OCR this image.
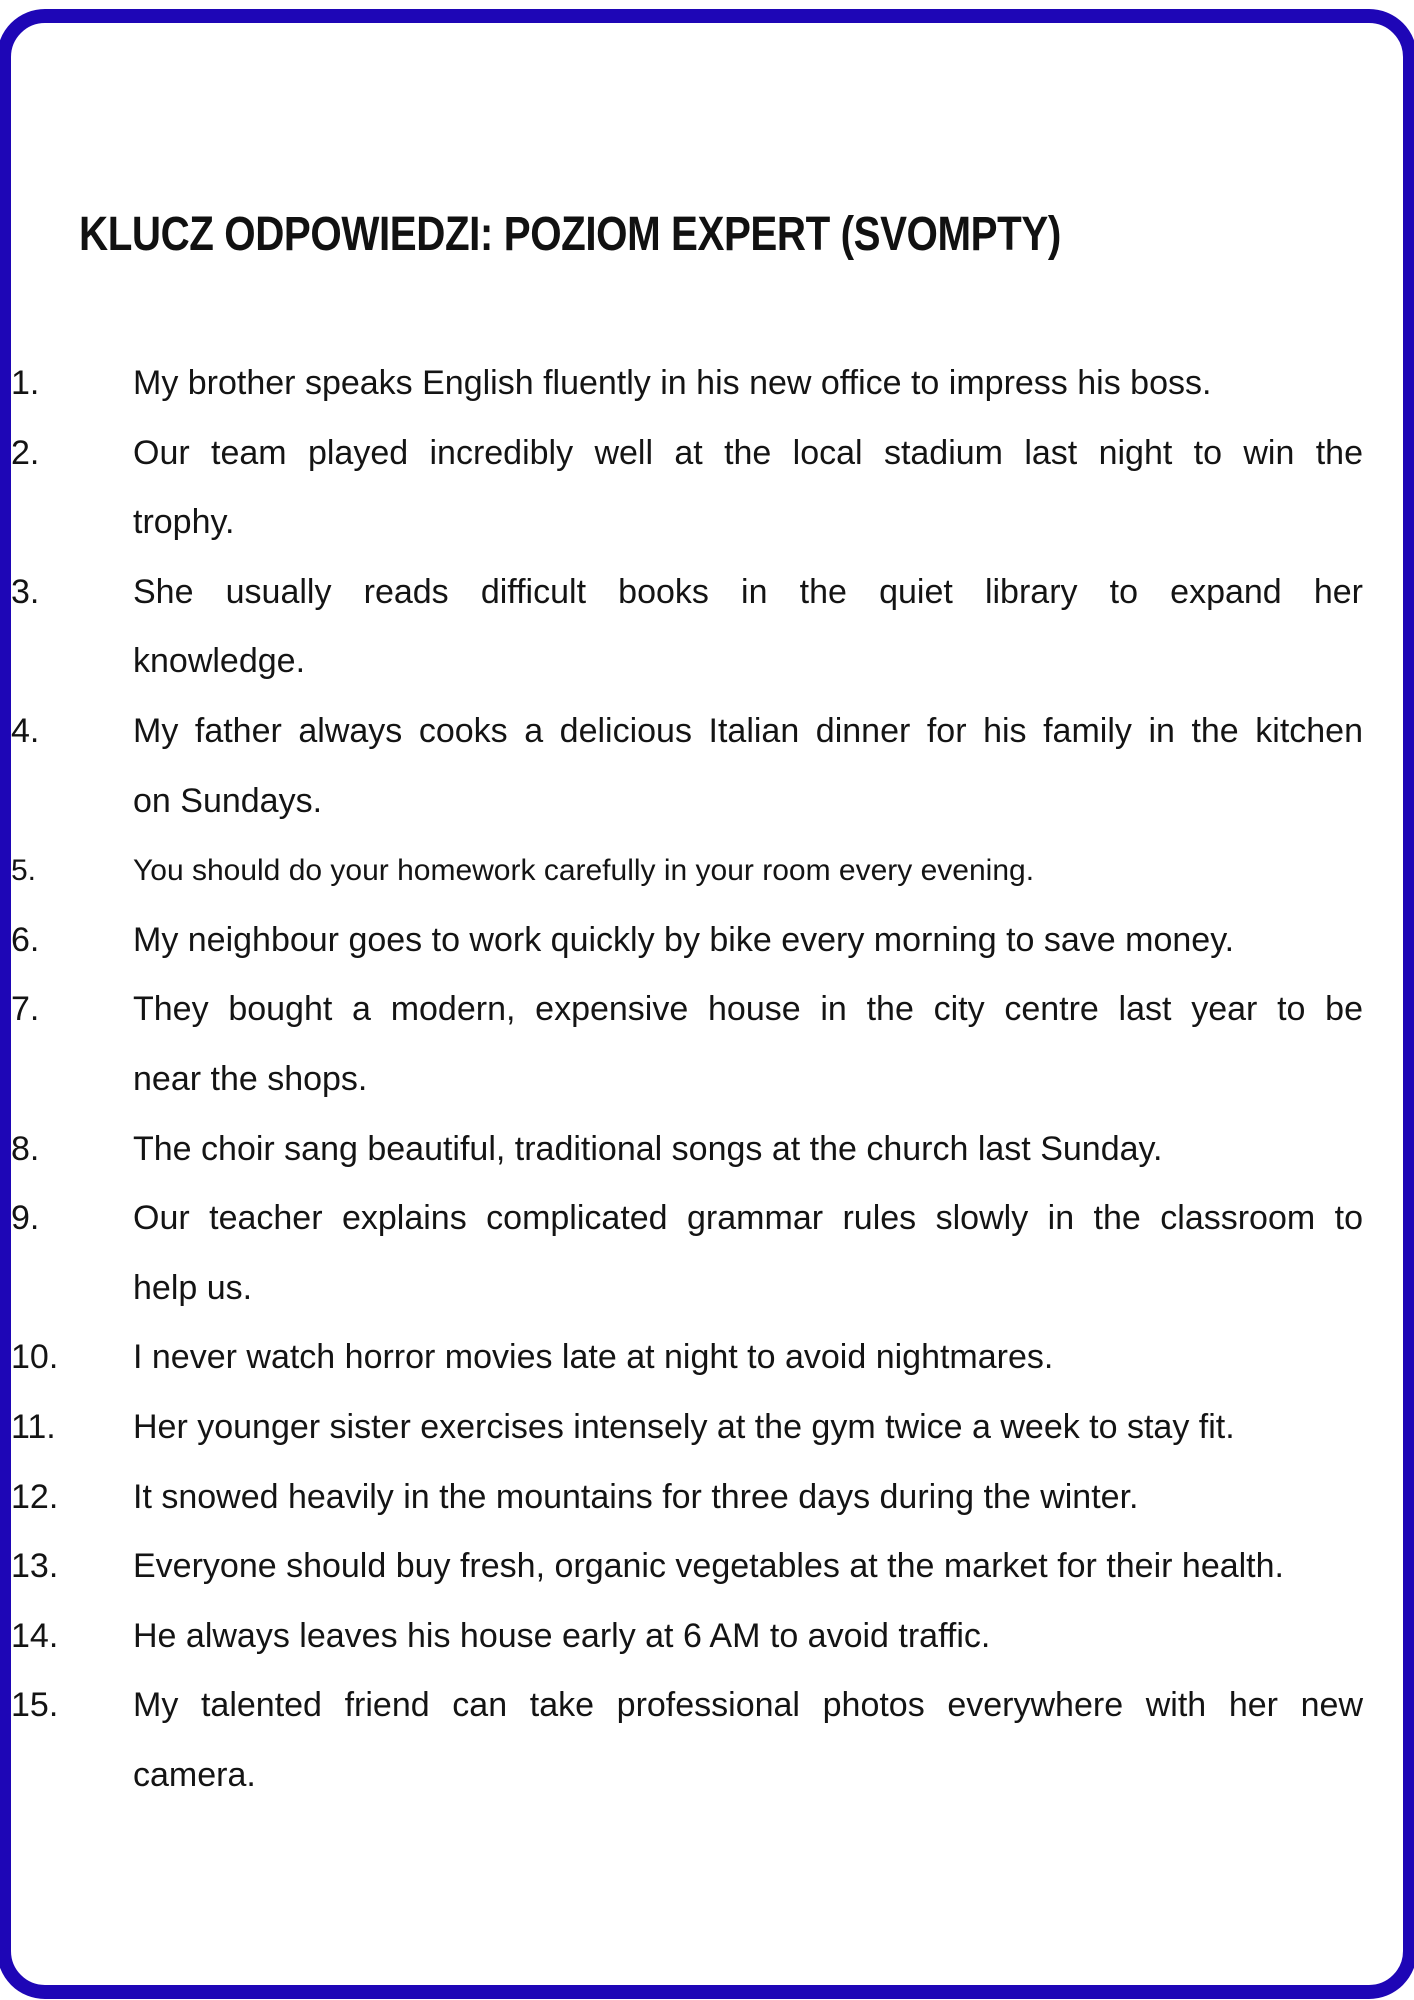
KLUCZ ODPOWIEDZI: POZIOM EXPERT (SVOMPTY)
My brother speaks English fluently in his new office to impress his boss.
1.
Our team played incredibly well at the local stadium last night to win the
2.
trophy.
She usually reads difficult books in the quiet library to expand her
3.
knowledge.
My father always cooks a delicious Italian dinner for his family in the kitchen
4.
on Sundays.
You should do your homework carefully in your room every evening.
5.
My neighbour goes to work quickly by bike every morning to save money.
6.
They bought a modern, expensive house in the city centre last year to be
7.
near the shops.
The choir sang beautiful, traditional songs at the church last Sunday.
8.
Our teacher explains complicated grammar rules slowly in the classroom to
9.
help us.
I never watch horror movies late at night to avoid nightmares.
10.
Her younger sister exercises intensely at the gym twice a week to stay fit.
11.
It snowed heavily in the mountains for three days during the winter.
12.
Everyone should buy fresh, organic vegetables at the market for their health.
13.
He always leaves his house early at 6 AM to avoid traffic.
14.
My talented friend can take professional photos everywhere with her new
15.
camera.
